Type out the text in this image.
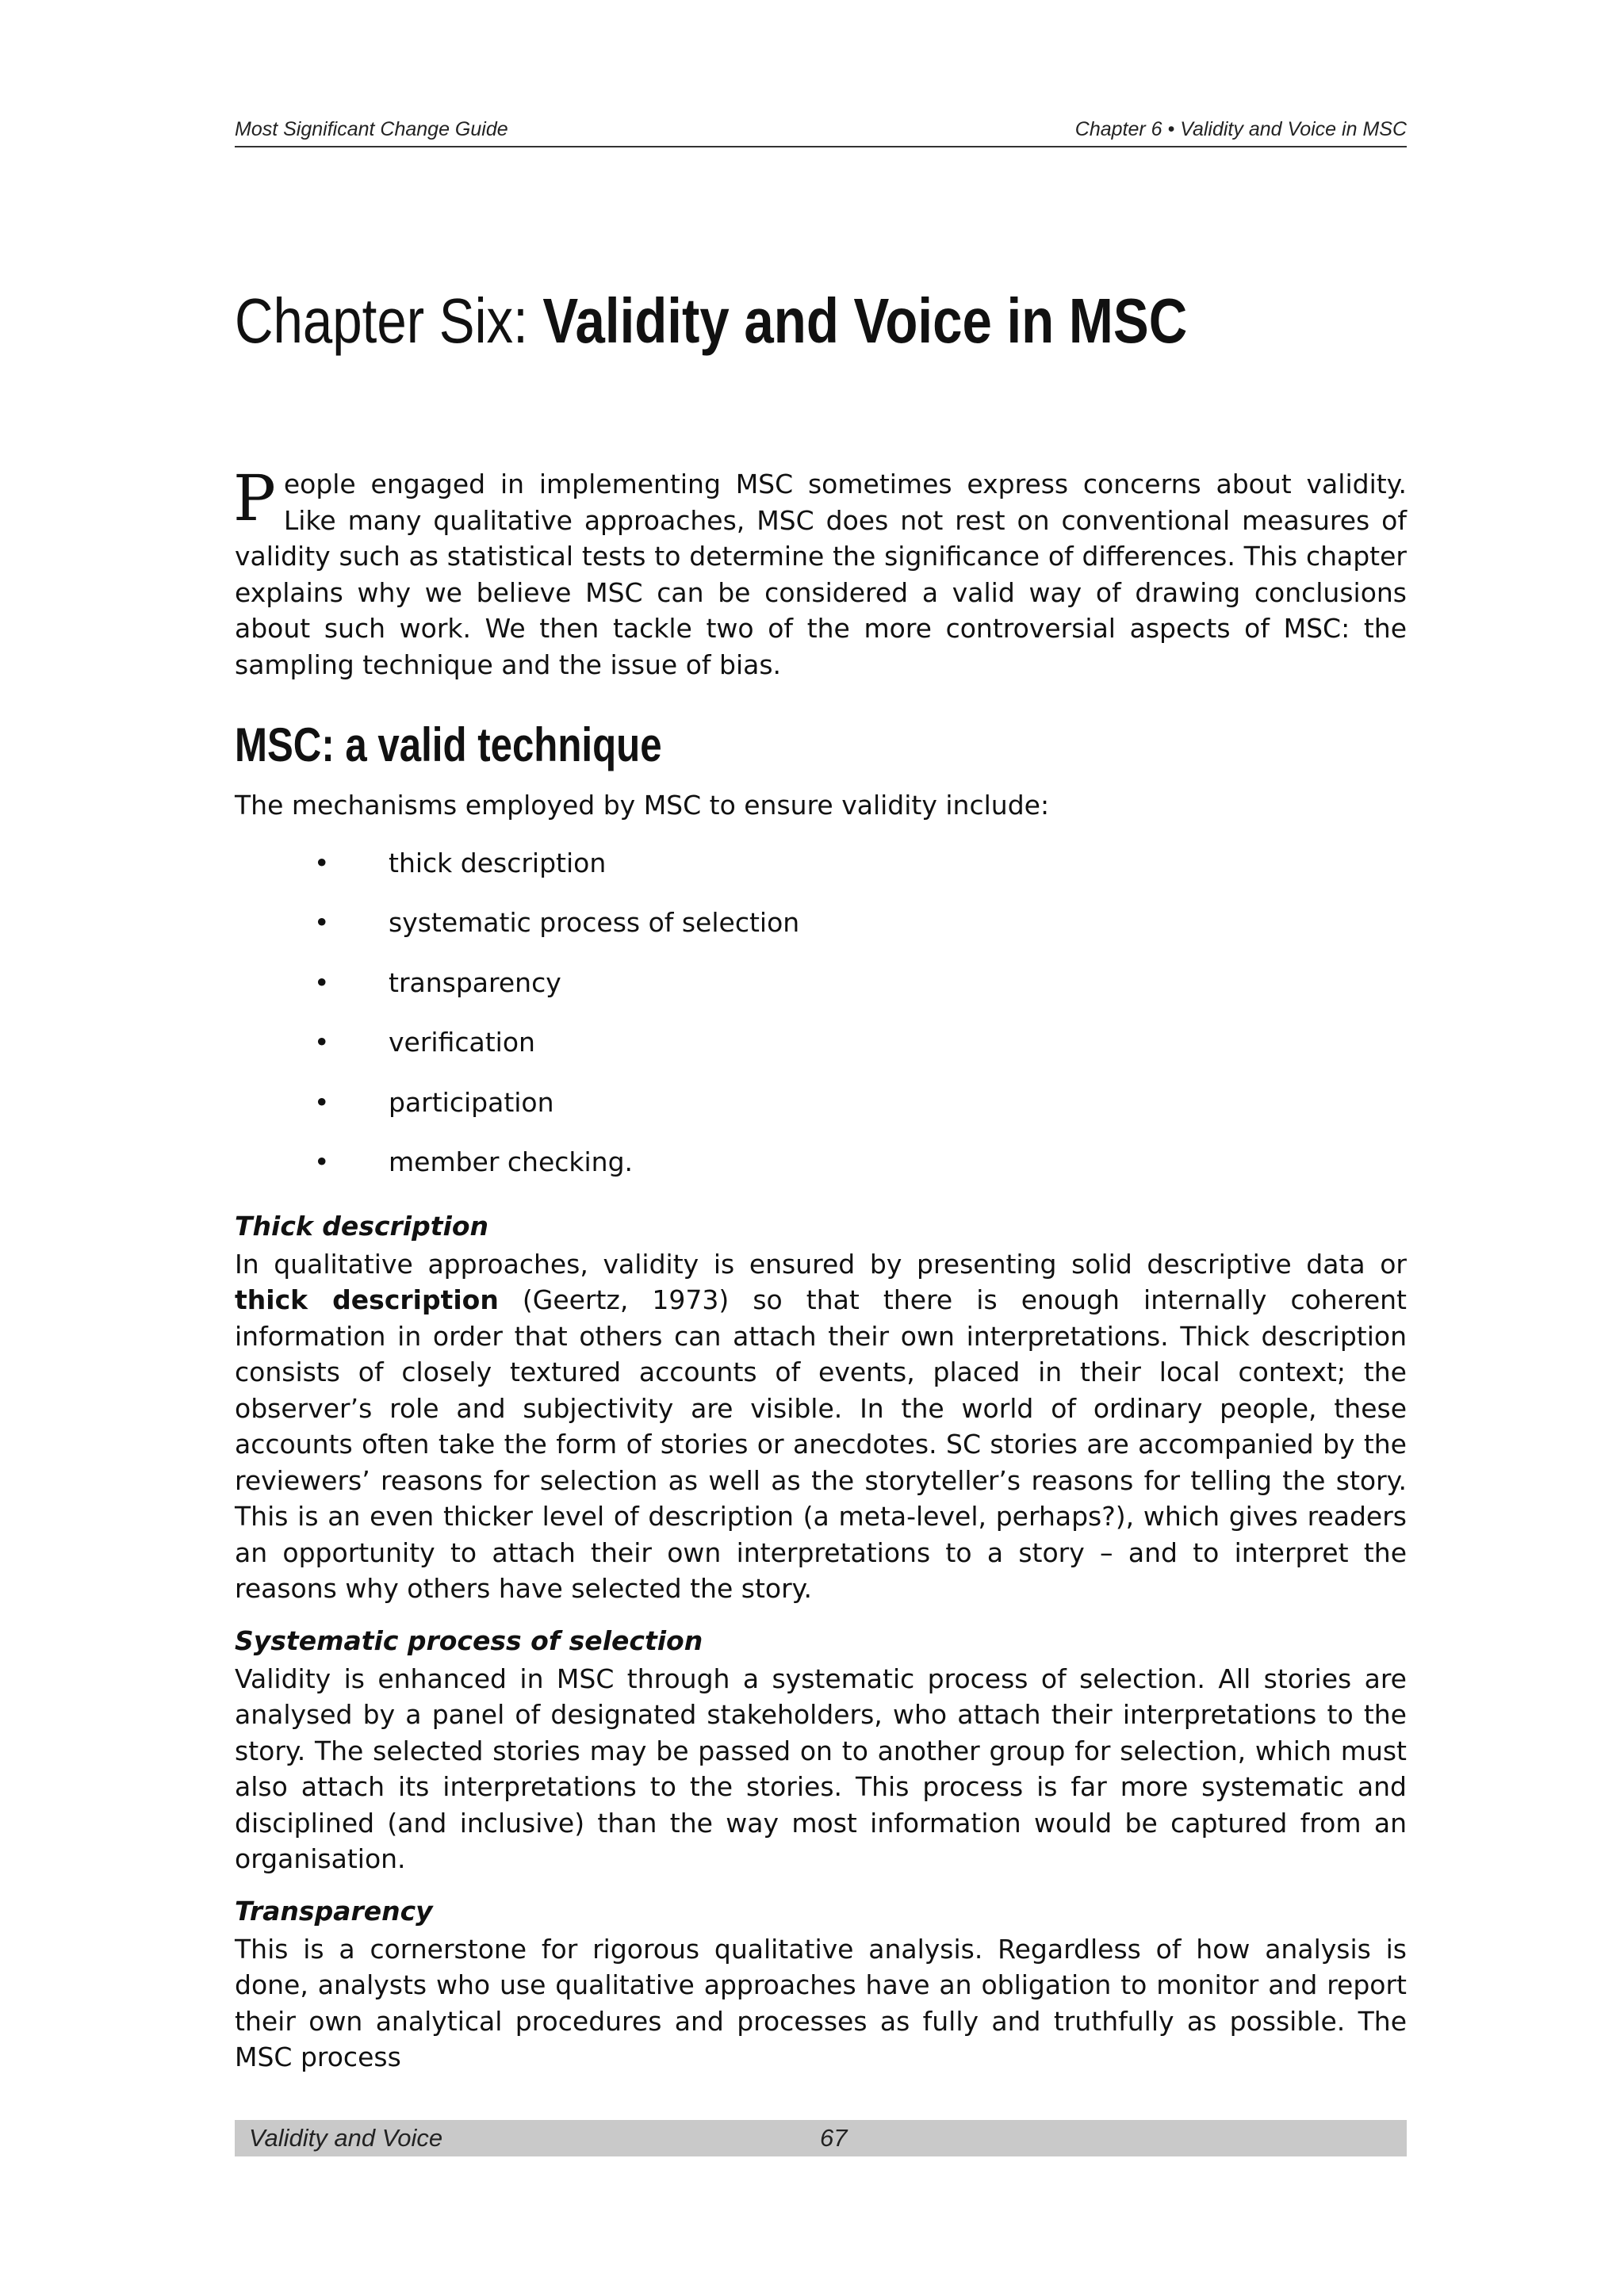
Most Significant Change Guide	Chapter 6 • Validity and Voice in MSC
Chapter Six: Validity and Voice in MSC

People engaged in implementing MSC sometimes express concerns about validity. Like many qualitative approaches, MSC does not rest on conventional measures of validity such as statistical tests to determine the significance of differences. This chapter explains why we believe MSC can be considered a valid way of drawing conclusions about such work. We then tackle two of the more controversial aspects of MSC: the sampling technique and the issue of bias.

MSC: a valid technique

The mechanisms employed by MSC to ensure validity include:

• thick description
• systematic process of selection
• transparency
• verification
• participation
• member checking.
Thick description

In qualitative approaches, validity is ensured by presenting solid descriptive data or thick description (Geertz, 1973) so that there is enough internally coherent information in order that others can attach their own interpretations. Thick description consists of closely textured accounts of events, placed in their local context; the observer’s role and subjectivity are visible. In the world of ordinary people, these accounts often take the form of stories or anecdotes. SC stories are accompanied by the reviewers’ reasons for selection as well as the storyteller’s reasons for telling the story. This is an even thicker level of description (a meta-level, perhaps?), which gives readers an opportunity to attach their own interpretations to a story – and to interpret the reasons why others have selected the story.

Systematic process of selection

Validity is enhanced in MSC through a systematic process of selection. All stories are analysed by a panel of designated stakeholders, who attach their interpretations to the story. The selected stories may be passed on to another group for selection, which must also attach its interpretations to the stories. This process is far more systematic and disciplined (and inclusive) than the way most information would be captured from an organisation.

Transparency

This is a cornerstone for rigorous qualitative analysis. Regardless of how analysis is done, analysts who use qualitative approaches have an obligation to monitor and report their own analytical procedures and processes as fully and truthfully as possible. The MSC process

Validity and Voice	67
